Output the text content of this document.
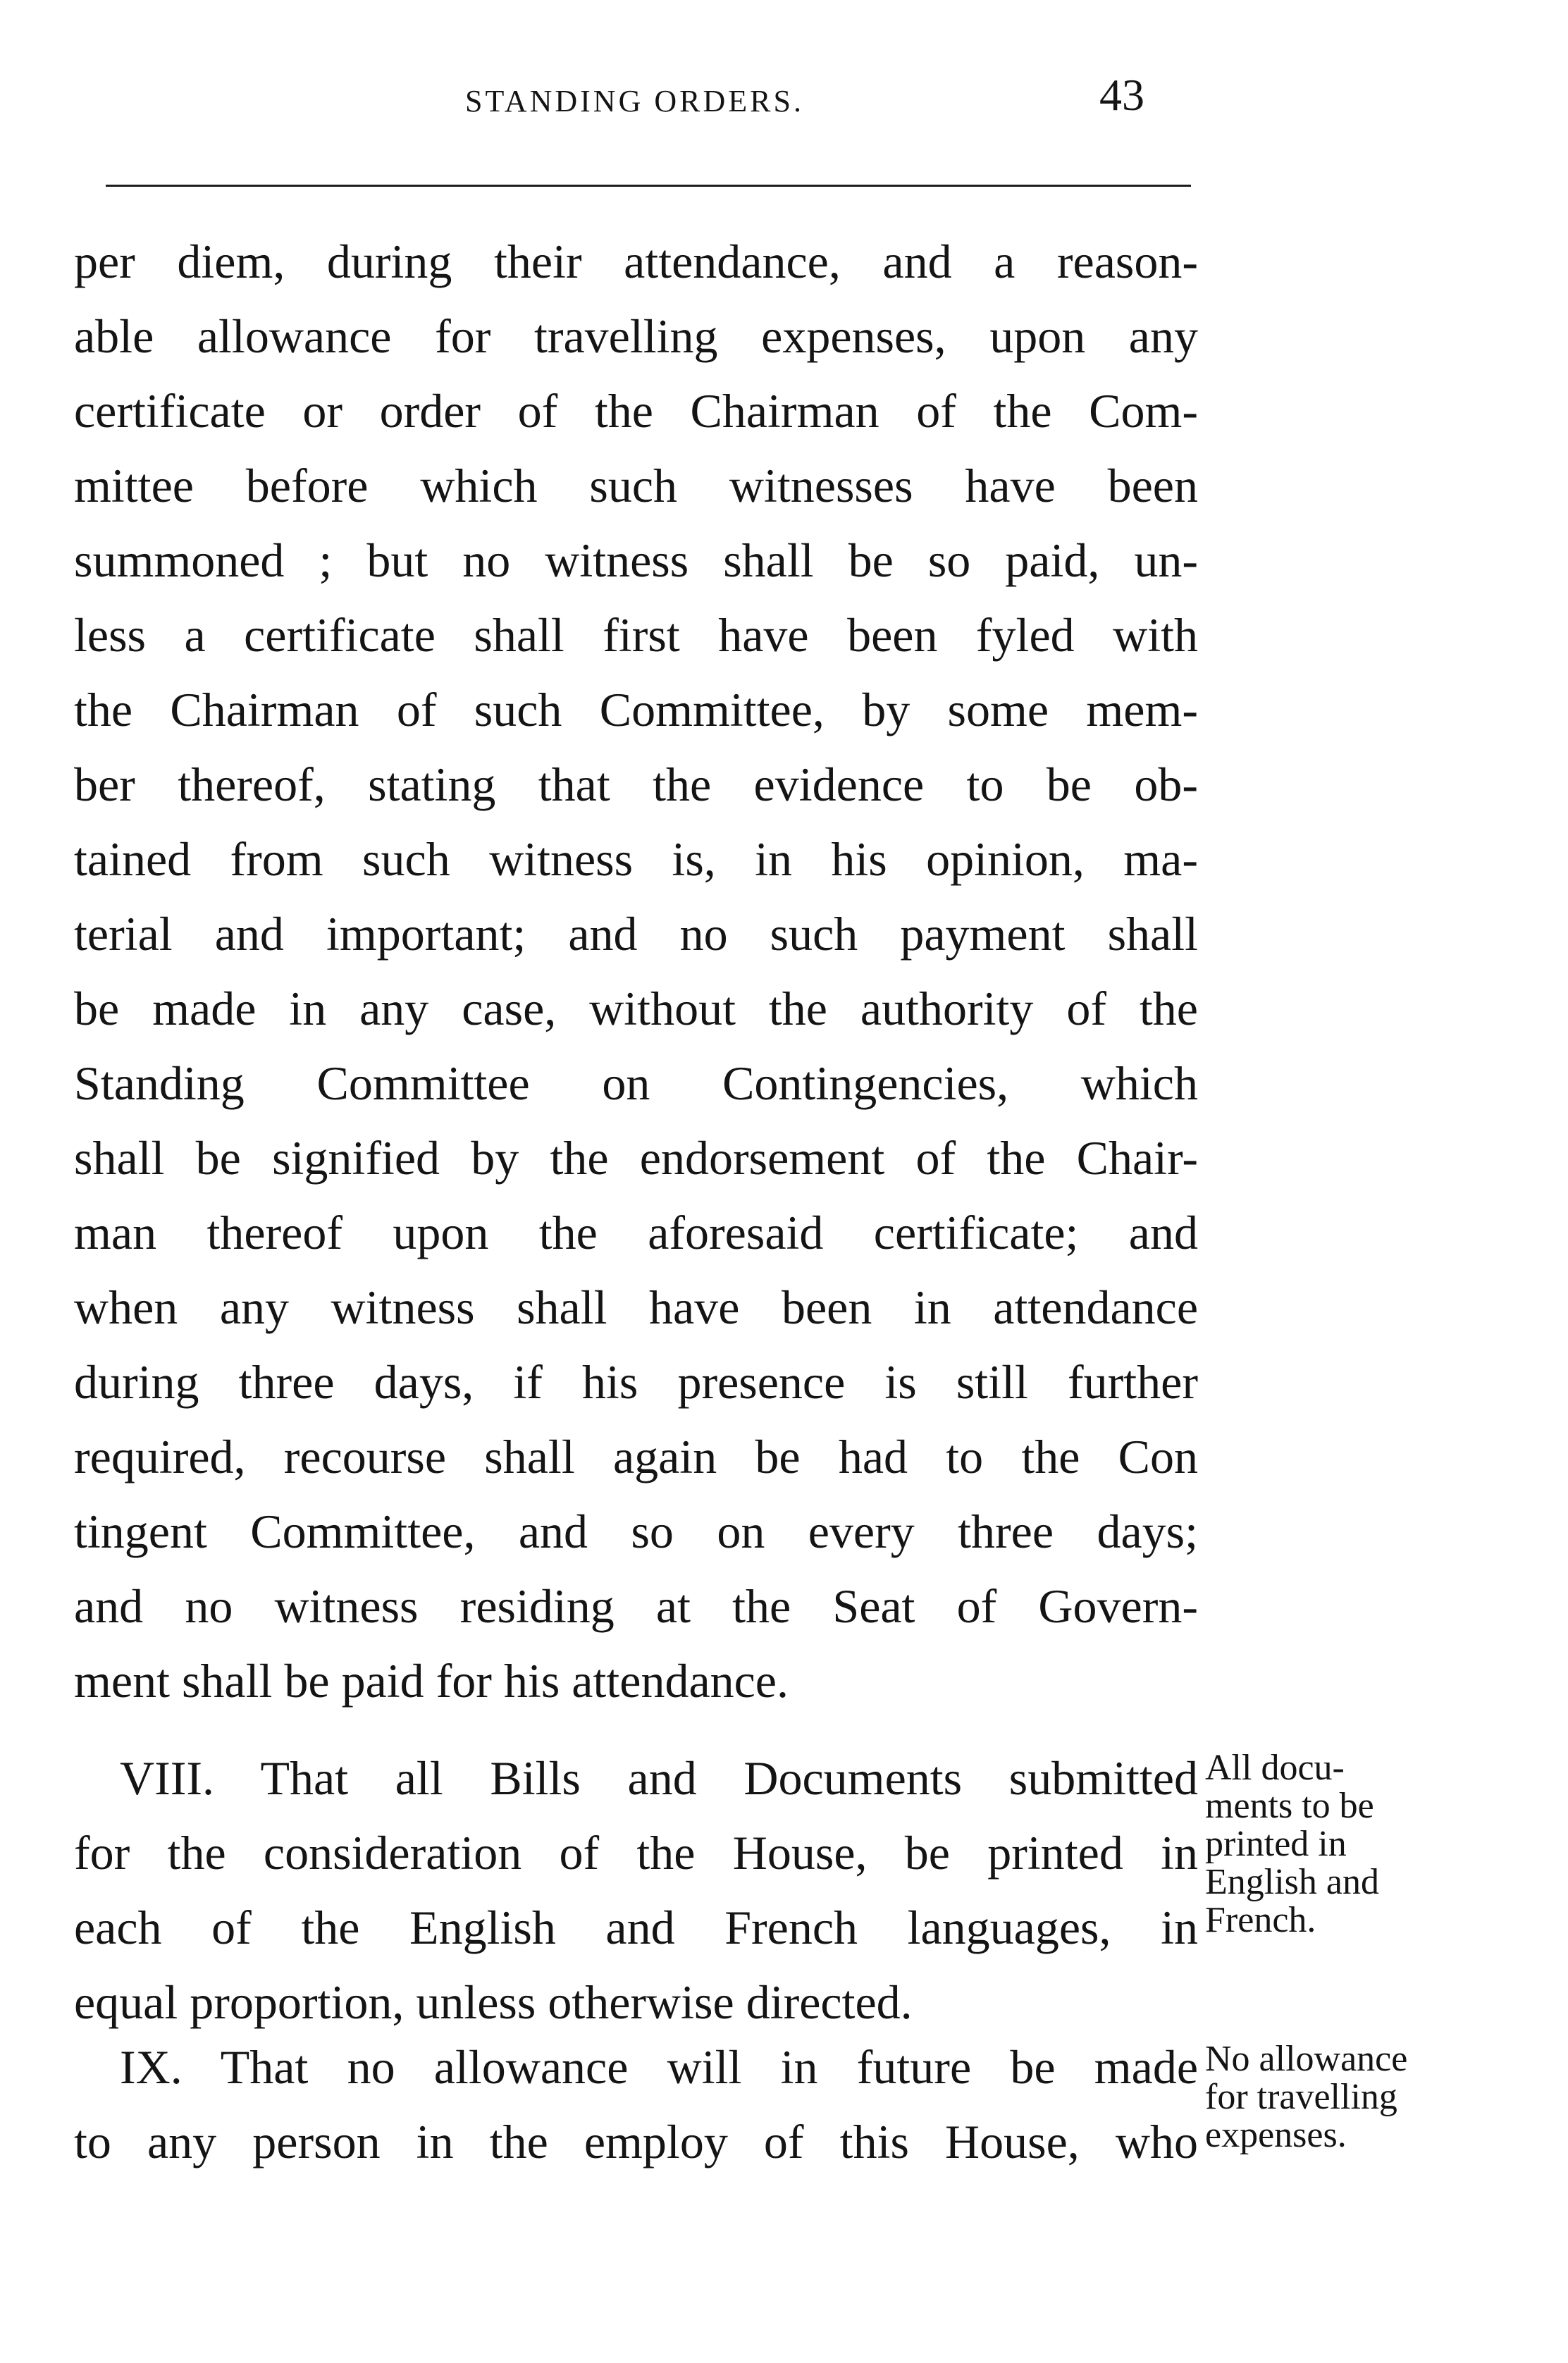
STANDING ORDERS.	43
per diem, during their attendance, and a reason-
able allowance for travelling expenses, upon any
certificate or order of the Chairman of the Com-
mittee before which such witnesses have been
summoned ; but no witness shall be so paid, un-
less a certificate shall first have been fyled with
the Chairman of such Committee, by some mem-
ber thereof, stating that the evidence to be ob-
tained from such witness is, in his opinion, ma-
terial and important; and no such payment shall
be made in any case, without the authority of the
Standing Committee on Contingencies, which
shall be signified by the endorsement of the Chair-
man thereof upon the aforesaid certificate; and
when any witness shall have been in attendance
during three days, if his presence is still further
required, recourse shall again be had to the Con
tingent Committee, and so on every three days;
and no witness residing at the Seat of Govern-
ment shall be paid for his attendance.
VIII. That all Bills and Documents submitted
for the consideration of the House, be printed in
each of the English and French languages, in
equal proportion, unless otherwise directed.
All docu-
ments to be
printed in
English and
French.
IX. That no allowance will in future be made
to any person in the employ of this House, who
No allowance
for travelling
expenses.
